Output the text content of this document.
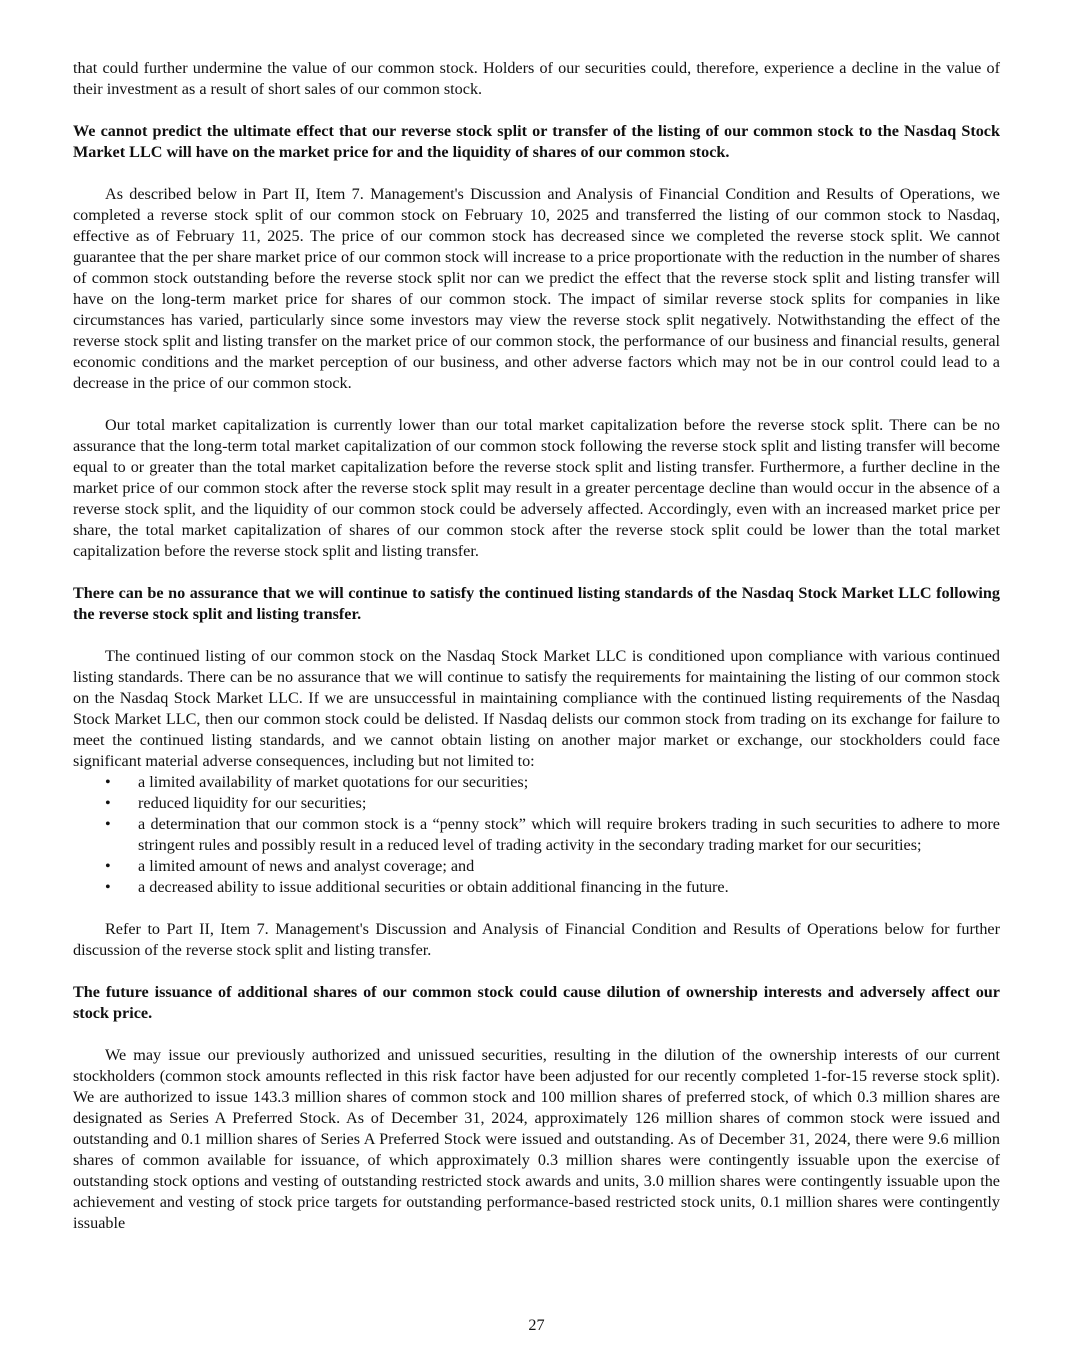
that could further undermine the value of our common stock. Holders of our securities could, therefore, experience a decline in the value of their investment as a result of short sales of our common stock.

We cannot predict the ultimate effect that our reverse stock split or transfer of the listing of our common stock to the Nasdaq Stock Market LLC will have on the market price for and the liquidity of shares of our common stock.

As described below in Part II, Item 7. Management's Discussion and Analysis of Financial Condition and Results of Operations, we completed a reverse stock split of our common stock on February 10, 2025 and transferred the listing of our common stock to Nasdaq, effective as of February 11, 2025. The price of our common stock has decreased since we completed the reverse stock split. We cannot guarantee that the per share market price of our common stock will increase to a price proportionate with the reduction in the number of shares of common stock outstanding before the reverse stock split nor can we predict the effect that the reverse stock split and listing transfer will have on the long-term market price for shares of our common stock. The impact of similar reverse stock splits for companies in like circumstances has varied, particularly since some investors may view the reverse stock split negatively. Notwithstanding the effect of the reverse stock split and listing transfer on the market price of our common stock, the performance of our business and financial results, general economic conditions and the market perception of our business, and other adverse factors which may not be in our control could lead to a decrease in the price of our common stock.

Our total market capitalization is currently lower than our total market capitalization before the reverse stock split. There can be no assurance that the long-term total market capitalization of our common stock following the reverse stock split and listing transfer will become equal to or greater than the total market capitalization before the reverse stock split and listing transfer. Furthermore, a further decline in the market price of our common stock after the reverse stock split may result in a greater percentage decline than would occur in the absence of a reverse stock split, and the liquidity of our common stock could be adversely affected. Accordingly, even with an increased market price per share, the total market capitalization of shares of our common stock after the reverse stock split could be lower than the total market capitalization before the reverse stock split and listing transfer.

There can be no assurance that we will continue to satisfy the continued listing standards of the Nasdaq Stock Market LLC following the reverse stock split and listing transfer.

The continued listing of our common stock on the Nasdaq Stock Market LLC is conditioned upon compliance with various continued listing standards. There can be no assurance that we will continue to satisfy the requirements for maintaining the listing of our common stock on the Nasdaq Stock Market LLC. If we are unsuccessful in maintaining compliance with the continued listing requirements of the Nasdaq Stock Market LLC, then our common stock could be delisted. If Nasdaq delists our common stock from trading on its exchange for failure to meet the continued listing standards, and we cannot obtain listing on another major market or exchange, our stockholders could face significant material adverse consequences, including but not limited to:

• a limited availability of market quotations for our securities;
• reduced liquidity for our securities;
• a determination that our common stock is a “penny stock” which will require brokers trading in such securities to adhere to more stringent rules and possibly result in a reduced level of trading activity in the secondary trading market for our securities;
• a limited amount of news and analyst coverage; and
• a decreased ability to issue additional securities or obtain additional financing in the future.

Refer to Part II, Item 7. Management's Discussion and Analysis of Financial Condition and Results of Operations below for further discussion of the reverse stock split and listing transfer.

The future issuance of additional shares of our common stock could cause dilution of ownership interests and adversely affect our stock price.

We may issue our previously authorized and unissued securities, resulting in the dilution of the ownership interests of our current stockholders (common stock amounts reflected in this risk factor have been adjusted for our recently completed 1-for-15 reverse stock split). We are authorized to issue 143.3 million shares of common stock and 100 million shares of preferred stock, of which 0.3 million shares are designated as Series A Preferred Stock. As of December 31, 2024, approximately 126 million shares of common stock were issued and outstanding and 0.1 million shares of Series A Preferred Stock were issued and outstanding. As of December 31, 2024, there were 9.6 million shares of common available for issuance, of which approximately 0.3 million shares were contingently issuable upon the exercise of outstanding stock options and vesting of outstanding restricted stock awards and units, 3.0 million shares were contingently issuable upon the achievement and vesting of stock price targets for outstanding performance-based restricted stock units, 0.1 million shares were contingently issuable

27
